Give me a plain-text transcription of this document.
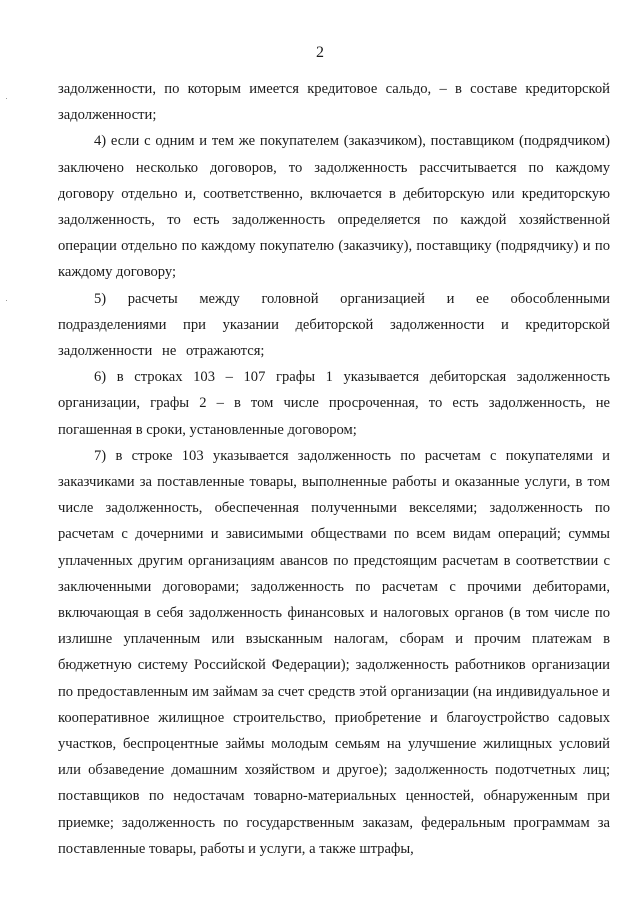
2

задолженности, по которым имеется кредитовое сальдо, – в составе кредиторской задолженности;

4) если с одним и тем же покупателем (заказчиком), поставщиком (подрядчиком) заключено несколько договоров, то задолженность рассчитывается по каждому договору отдельно и, соответственно, включается в дебиторскую или кредиторскую задолженность, то есть задолженность определяется по каждой хозяйственной операции отдельно по каждому покупателю (заказчику), поставщику (подрядчику) и по каждому договору;

5) расчеты между головной организацией и ее обособленными подразделениями при указании дебиторской задолженности и кредиторской задолженности не отражаются;

6) в строках 103 – 107 графы 1 указывается дебиторская задолженность организации, графы 2 – в том числе просроченная, то есть задолженность, не погашенная в сроки, установленные договором;

7) в строке 103 указывается задолженность по расчетам с покупателями и заказчиками за поставленные товары, выполненные работы и оказанные услуги, в том числе задолженность, обеспеченная полученными векселями; задолженность по расчетам с дочерними и зависимыми обществами по всем видам операций; суммы уплаченных другим организациям авансов по предстоящим расчетам в соответствии с заключенными договорами; задолженность по расчетам с прочими дебиторами, включающая в себя задолженность финансовых и налоговых органов (в том числе по излишне уплаченным или взысканным налогам, сборам и прочим платежам в бюджетную систему Российской Федерации); задолженность работников организации по предоставленным им займам за счет средств этой организации (на индивидуальное и кооперативное жилищное строительство, приобретение и благоустройство садовых участков, беспроцентные займы молодым семьям на улучшение жилищных условий или обзаведение домашним хозяйством и другое); задолженность подотчетных лиц; поставщиков по недостачам товарно-материальных ценностей, обнаруженным при приемке; задолженность по государственным заказам, федеральным программам за поставленные товары, работы и услуги, а также штрафы,
